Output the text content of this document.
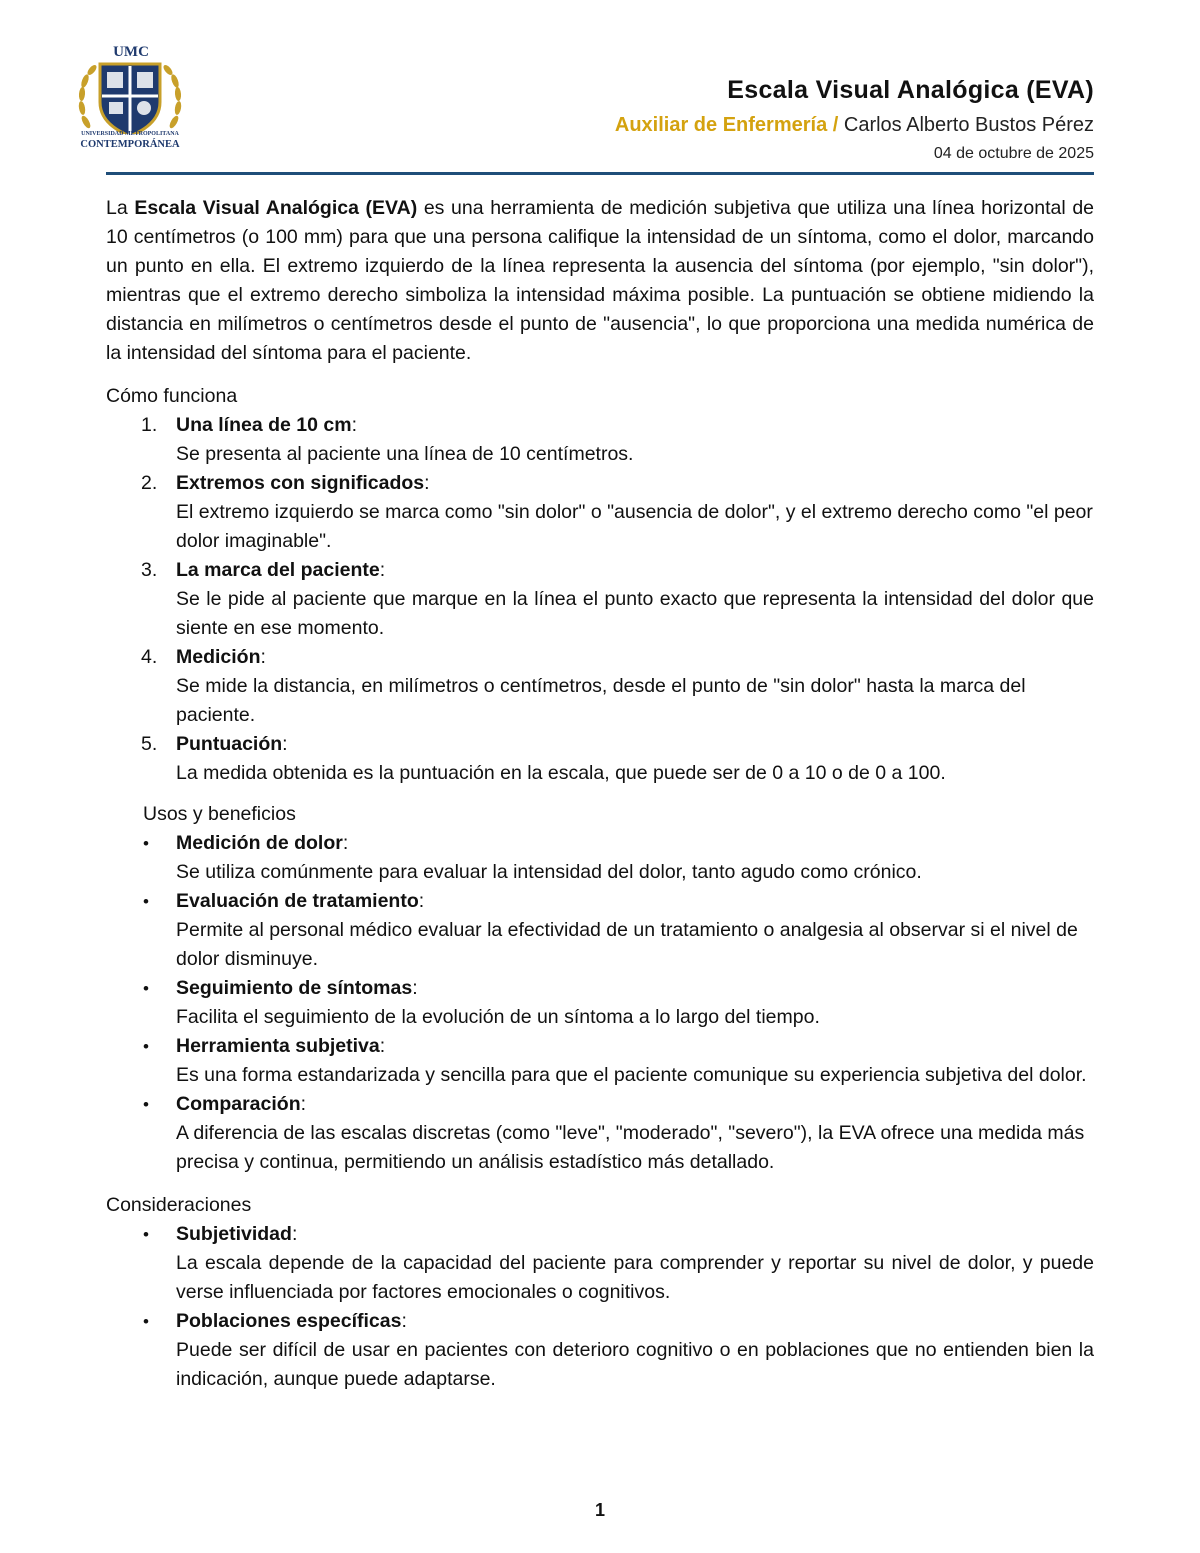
UMC
UNIVERSIDAD METROPOLITANA
CONTEMPORÁNEA
Escala Visual Analógica (EVA)
Auxiliar de Enfermería / Carlos Alberto Bustos Pérez
04 de octubre de 2025

La Escala Visual Analógica (EVA) es una herramienta de medición subjetiva que utiliza una línea horizontal de 10 centímetros (o 100 mm) para que una persona califique la intensidad de un síntoma, como el dolor, marcando un punto en ella. El extremo izquierdo de la línea representa la ausencia del síntoma (por ejemplo, "sin dolor"), mientras que el extremo derecho simboliza la intensidad máxima posible. La puntuación se obtiene midiendo la distancia en milímetros o centímetros desde el punto de "ausencia", lo que proporciona una medida numérica de la intensidad del síntoma para el paciente.

Cómo funciona
1. Una línea de 10 cm:
Se presenta al paciente una línea de 10 centímetros.
2. Extremos con significados:
El extremo izquierdo se marca como "sin dolor" o "ausencia de dolor", y el extremo derecho como "el peor dolor imaginable".
3. La marca del paciente:
Se le pide al paciente que marque en la línea el punto exacto que representa la intensidad del dolor que siente en ese momento.
4. Medición:
Se mide la distancia, en milímetros o centímetros, desde el punto de "sin dolor" hasta la marca del paciente.
5. Puntuación:
La medida obtenida es la puntuación en la escala, que puede ser de 0 a 10 o de 0 a 100.
Usos y beneficios
• Medición de dolor:
Se utiliza comúnmente para evaluar la intensidad del dolor, tanto agudo como crónico.
• Evaluación de tratamiento:
Permite al personal médico evaluar la efectividad de un tratamiento o analgesia al observar si el nivel de dolor disminuye.
• Seguimiento de síntomas:
Facilita el seguimiento de la evolución de un síntoma a lo largo del tiempo.
• Herramienta subjetiva:
Es una forma estandarizada y sencilla para que el paciente comunique su experiencia subjetiva del dolor.
• Comparación:
A diferencia de las escalas discretas (como "leve", "moderado", "severo"), la EVA ofrece una medida más precisa y continua, permitiendo un análisis estadístico más detallado.
Consideraciones
• Subjetividad:
La escala depende de la capacidad del paciente para comprender y reportar su nivel de dolor, y puede verse influenciada por factores emocionales o cognitivos.
• Poblaciones específicas:
Puede ser difícil de usar en pacientes con deterioro cognitivo o en poblaciones que no entienden bien la indicación, aunque puede adaptarse.
1
